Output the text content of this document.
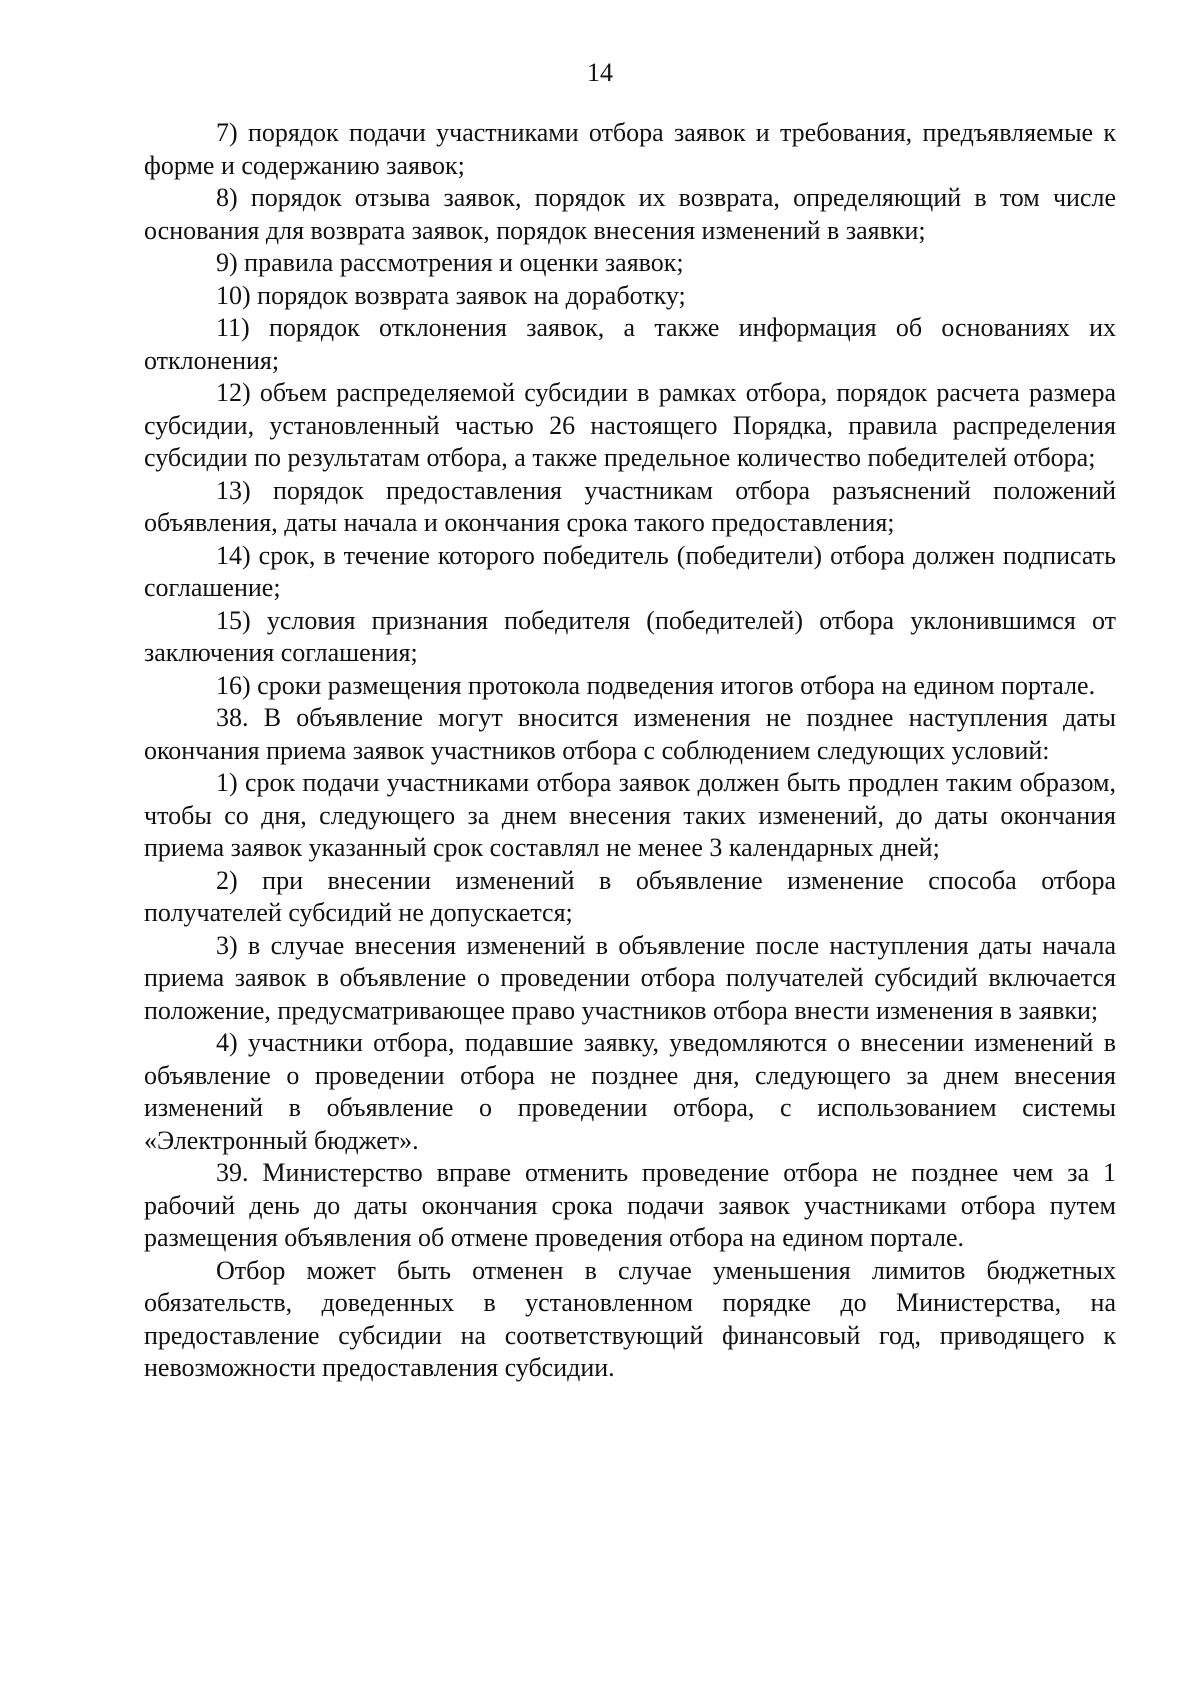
14

7) порядок подачи участниками отбора заявок и требования, предъявляемые к форме и содержанию заявок;

8) порядок отзыва заявок, порядок их возврата, определяющий в том числе основания для возврата заявок, порядок внесения изменений в заявки;

9) правила рассмотрения и оценки заявок;

10) порядок возврата заявок на доработку;

11) порядок отклонения заявок, а также информация об основаниях их отклонения;

12) объем распределяемой субсидии в рамках отбора, порядок расчета размера субсидии, установленный частью 26 настоящего Порядка, правила распределения субсидии по результатам отбора, а также предельное количество победителей отбора;

13) порядок предоставления участникам отбора разъяснений положений объявления, даты начала и окончания срока такого предоставления;

14) срок, в течение которого победитель (победители) отбора должен подписать соглашение;

15) условия признания победителя (победителей) отбора уклонившимся от заключения соглашения;

16) сроки размещения протокола подведения итогов отбора на едином портале.

38. В объявление могут вносится изменения не позднее наступления даты окончания приема заявок участников отбора с соблюдением следующих условий:

1) срок подачи участниками отбора заявок должен быть продлен таким образом, чтобы со дня, следующего за днем внесения таких изменений, до даты окончания приема заявок указанный срок составлял не менее 3 календарных дней;

2) при внесении изменений в объявление изменение способа отбора получателей субсидий не допускается;

3) в случае внесения изменений в объявление после наступления даты начала приема заявок в объявление о проведении отбора получателей субсидий включается положение, предусматривающее право участников отбора внести изменения в заявки;

4) участники отбора, подавшие заявку, уведомляются о внесении изменений в объявление о проведении отбора не позднее дня, следующего за днем внесения изменений в объявление о проведении отбора, с использованием системы «Электронный бюджет».

39. Министерство вправе отменить проведение отбора не позднее чем за 1 рабочий день до даты окончания срока подачи заявок участниками отбора путем размещения объявления об отмене проведения отбора на едином портале.

Отбор может быть отменен в случае уменьшения лимитов бюджетных обязательств, доведенных в установленном порядке до Министерства, на предоставление субсидии на соответствующий финансовый год, приводящего к невозможности предоставления субсидии.
